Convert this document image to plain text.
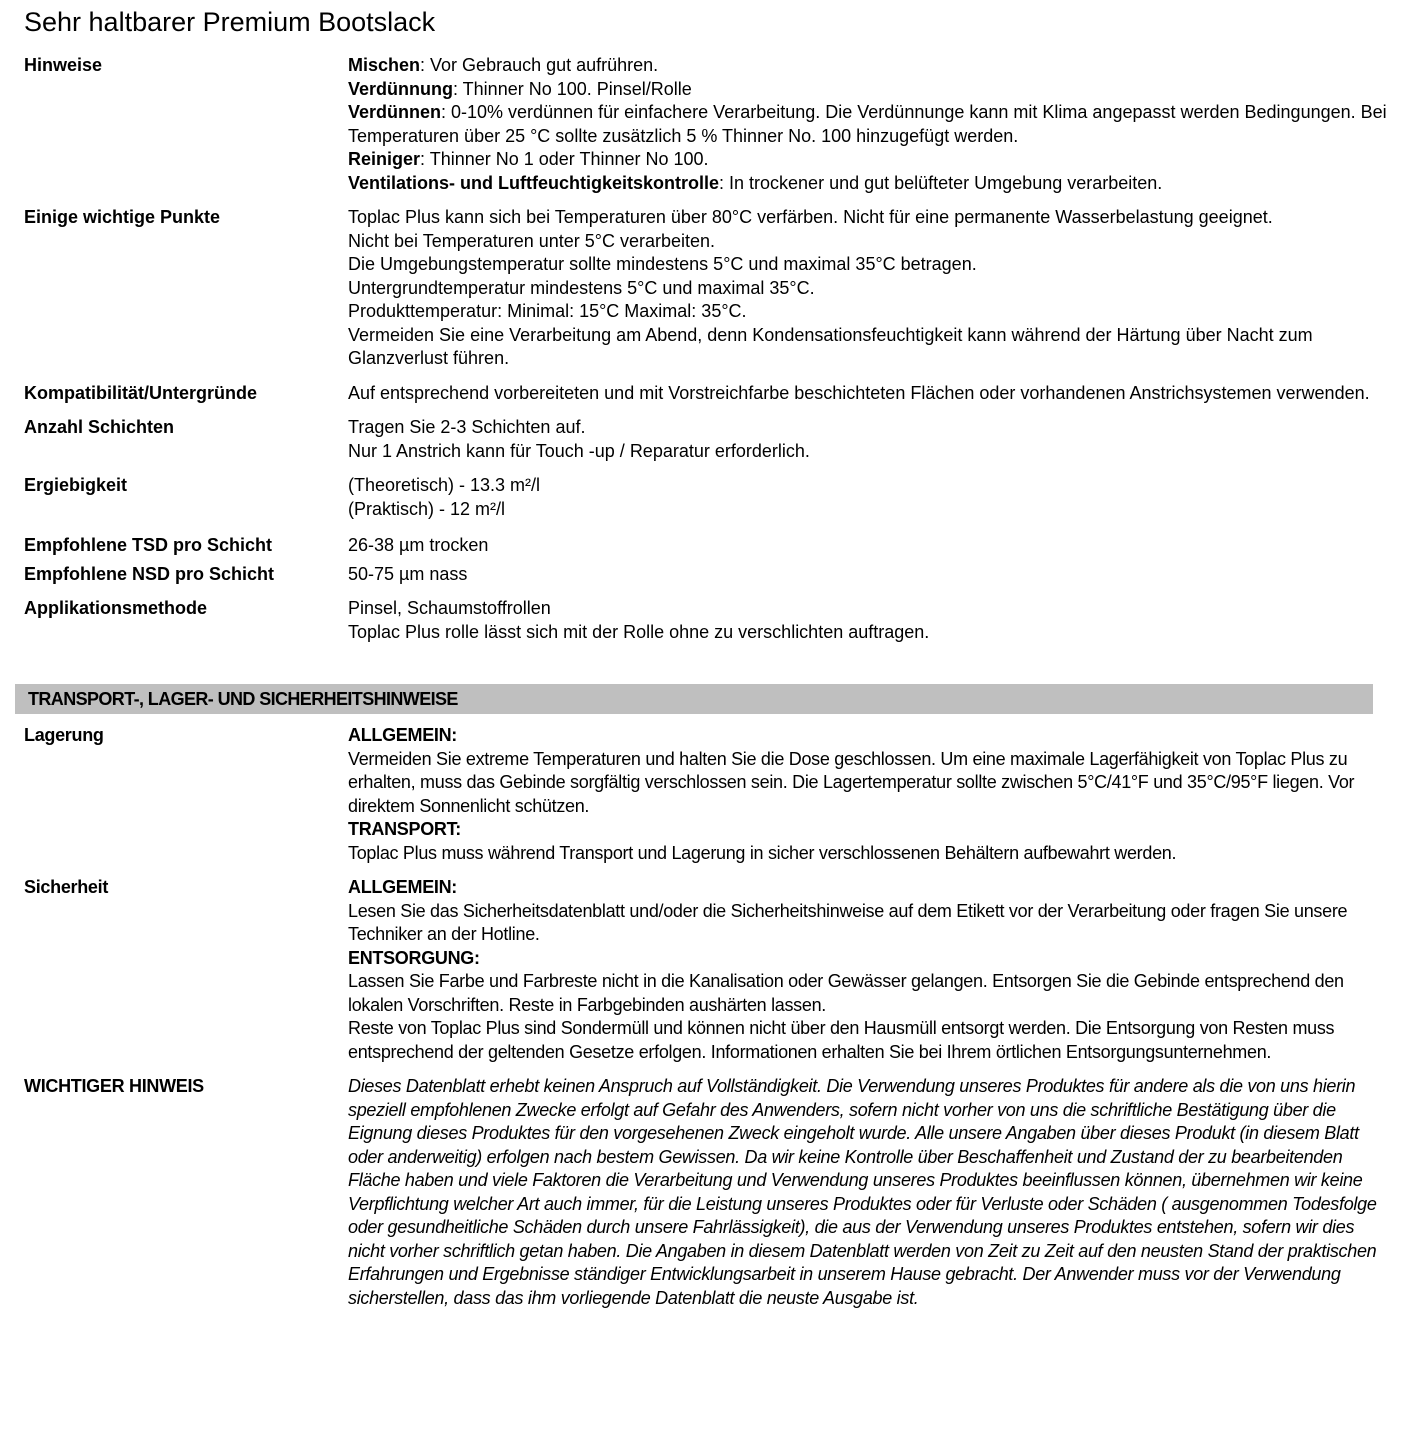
Sehr haltbarer Premium Bootslack
Hinweise	Mischen: Vor Gebrauch gut aufrühren.

Verdünnung: Thinner No 100. Pinsel/Rolle

Verdünnen: 0-10% verdünnen für einfachere Verarbeitung. Die Verdünnunge kann mit Klima angepasst werden Bedingungen. Bei Temperaturen über 25 °C sollte zusätzlich 5 % Thinner No. 100 hinzugefügt werden.

Reiniger: Thinner No 1 oder Thinner No 100.

Ventilations- und Luftfeuchtigkeitskontrolle: In trockener und gut belüfteter Umgebung verarbeiten.

Einige wichtige Punkte	Toplac Plus kann sich bei Temperaturen über 80°C verfärben. Nicht für eine permanente Wasserbelastung geeignet.

Nicht bei Temperaturen unter 5°C verarbeiten.

Die Umgebungstemperatur sollte mindestens 5°C und maximal 35°C betragen.

Untergrundtemperatur mindestens 5°C und maximal 35°C.

Produkttemperatur: Minimal: 15°C Maximal: 35°C.

Vermeiden Sie eine Verarbeitung am Abend, denn Kondensationsfeuchtigkeit kann während der Härtung über Nacht zum Glanzverlust führen.

Kompatibilität/Untergründe	Auf entsprechend vorbereiteten und mit Vorstreichfarbe beschichteten Flächen oder vorhandenen Anstrichsystemen verwenden.

Anzahl Schichten	Tragen Sie 2-3 Schichten auf.

Nur 1 Anstrich kann für Touch -up / Reparatur erforderlich.

Ergiebigkeit	(Theoretisch) - 13.3 m²/l

(Praktisch) - 12 m²/l

Empfohlene TSD pro Schicht	26-38 µm trocken

Empfohlene NSD pro Schicht	50-75 µm nass

Applikationsmethode	Pinsel, Schaumstoffrollen

Toplac Plus rolle lässt sich mit der Rolle ohne zu verschlichten auftragen.

TRANSPORT-, LAGER- UND SICHERHEITSHINWEISE
Lagerung	ALLGEMEIN:

Vermeiden Sie extreme Temperaturen und halten Sie die Dose geschlossen. Um eine maximale Lagerfähigkeit von Toplac Plus zu erhalten, muss das Gebinde sorgfältig verschlossen sein. Die Lagertemperatur sollte zwischen 5°C/41°F und 35°C/95°F liegen. Vor direktem Sonnenlicht schützen.

TRANSPORT:

Toplac Plus muss während Transport und Lagerung in sicher verschlossenen Behältern aufbewahrt werden.

Sicherheit	ALLGEMEIN:

Lesen Sie das Sicherheitsdatenblatt und/oder die Sicherheitshinweise auf dem Etikett vor der Verarbeitung oder fragen Sie unsere Techniker an der Hotline.

ENTSORGUNG:

Lassen Sie Farbe und Farbreste nicht in die Kanalisation oder Gewässer gelangen. Entsorgen Sie die Gebinde entsprechend den lokalen Vorschriften. Reste in Farbgebinden aushärten lassen.

Reste von Toplac Plus sind Sondermüll und können nicht über den Hausmüll entsorgt werden. Die Entsorgung von Resten muss entsprechend der geltenden Gesetze erfolgen. Informationen erhalten Sie bei Ihrem örtlichen Entsorgungsunternehmen.

WICHTIGER HINWEIS	Dieses Datenblatt erhebt keinen Anspruch auf Vollständigkeit. Die Verwendung unseres Produktes für andere als die von uns hierin speziell empfohlenen Zwecke erfolgt auf Gefahr des Anwenders, sofern nicht vorher von uns die schriftliche Bestätigung über die Eignung dieses Produktes für den vorgesehenen Zweck eingeholt wurde. Alle unsere Angaben über dieses Produkt (in diesem Blatt oder anderweitig) erfolgen nach bestem Gewissen. Da wir keine Kontrolle über Beschaffenheit und Zustand der zu bearbeitenden Fläche haben und viele Faktoren die Verarbeitung und Verwendung unseres Produktes beeinflussen können, übernehmen wir keine Verpflichtung welcher Art auch immer, für die Leistung unseres Produktes oder für Verluste oder Schäden ( ausgenommen Todesfolge oder gesundheitliche Schäden durch unsere Fahrlässigkeit), die aus der Verwendung unseres Produktes entstehen, sofern wir dies nicht vorher schriftlich getan haben. Die Angaben in diesem Datenblatt werden von Zeit zu Zeit auf den neusten Stand der praktischen Erfahrungen und Ergebnisse ständiger Entwicklungsarbeit in unserem Hause gebracht. Der Anwender muss vor der Verwendung sicherstellen, dass das ihm vorliegende Datenblatt die neuste Ausgabe ist.
